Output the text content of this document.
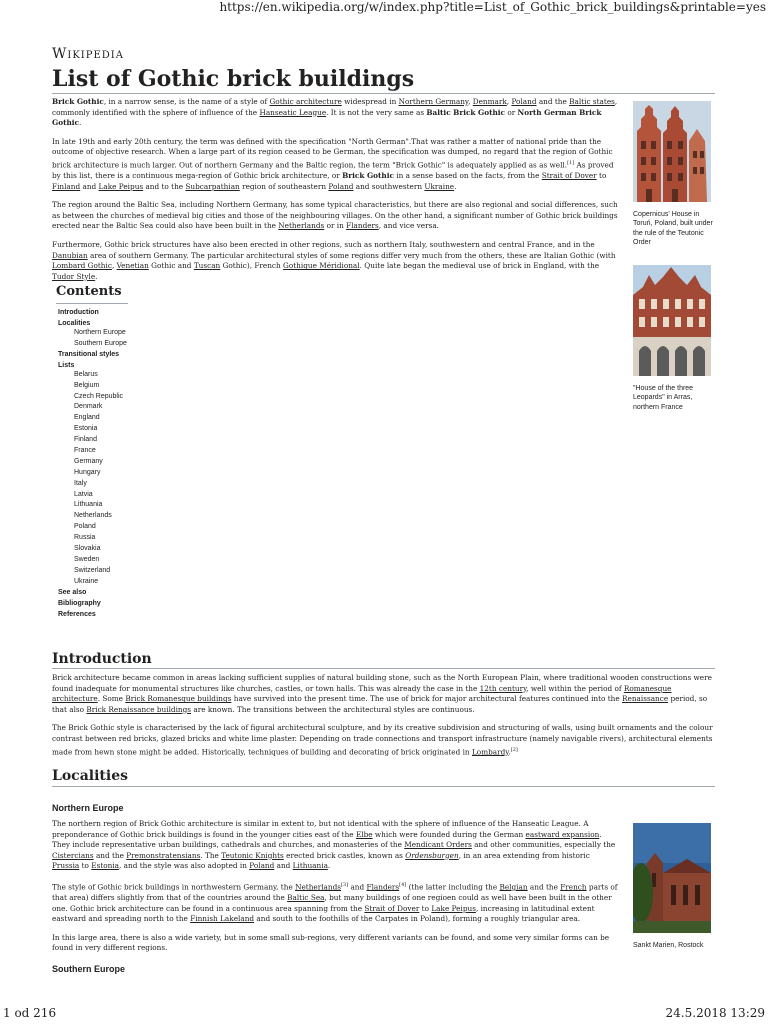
https://en.wikipedia.org/w/index.php?title=List_of_Gothic_brick_buildings&printable=yes
Wikipedia
List of Gothic brick buildings

Brick Gothic, in a narrow sense, is the name of a style of Gothic architecture widespread in Northern Germany, Denmark, Poland and the Baltic states, commonly identified with the sphere of influence of the Hanseatic League. It is not the very same as Baltic Brick Gothic or North German Brick Gothic.

In late 19th and early 20th century, the term was defined with the specification "North German".That was rather a matter of national pride than the outcome of objective research. When a large part of its region ceased to be German, the specification was dumped, no regard that the region of Gothic brick architecture is much larger. Out of northern Germany and the Baltic region, the term "Brick Gothic" is adequately applied as as well.[1] As proved by this list, there is a continuous mega-region of Gothic brick architecture, or Brick Gothic in a sense based on the facts, from the Strait of Dover to Finland and Lake Peipus and to the Subcarpathian region of southeastern Poland and southwestern Ukraine.

The region around the Baltic Sea, including Northern Germany, has some typical characteristics, but there are also regional and social differences, such as between the churches of medieval big cities and those of the neighbouring villages. On the other hand, a significant number of Gothic brick buildings erected near the Baltic Sea could also have been built in the Netherlands or in Flanders, and vice versa.

Furthermore, Gothic brick structures have also been erected in other regions, such as northern Italy, southwestern and central France, and in the Danubian area of southern Germany. The particular architectural styles of some regions differ very much from the others, these are Italian Gothic (with Lombard Gothic, Venetian Gothic and Tuscan Gothic), French Gothique Méridional. Quite late began the medieval use of brick in England, with the Tudor Style.

Copernicus' House in Toruń, Poland, built under the rule of the Teutonic Order
"House of the three Leopards" in Arras, northern France
Contents
Introduction
Localities
Northern Europe
Southern Europe
Transitional styles
Lists
Belarus
Belgium
Czech Republic
Denmark
England
Estonia
Finland
France
Germany
Hungary
Italy
Latvia
Lithuania
Netherlands
Poland
Russia
Slovakia
Sweden
Switzerland
Ukraine
See also
Bibliography
References
Introduction

Brick architecture became common in areas lacking sufficient supplies of natural building stone, such as the North European Plain, where traditional wooden constructions were found inadequate for monumental structures like churches, castles, or town halls. This was already the case in the 12th century, well within the period of Romanesque architecture. Some Brick Romanesque buildings have survived into the present time. The use of brick for major architectural features continued into the Renaissance period, so that also Brick Renaissance buildings are known. The transitions between the architectural styles are continuous.

The Brick Gothic style is characterised by the lack of figural architectural sculpture, and by its creative subdivision and structuring of walls, using built ornaments and the colour contrast between red bricks, glazed bricks and white lime plaster. Depending on trade connections and transport infrastructure (namely navigable rivers), architectural elements made from hewn stone might be added. Historically, techniques of building and decorating of brick originated in Lombardy.[2]

Localities
Northern Europe

The northern region of Brick Gothic architecture is similar in extent to, but not identical with the sphere of influence of the Hanseatic League. A preponderance of Gothic brick buildings is found in the younger cities east of the Elbe which were founded during the German eastward expansion. They include representative urban buildings, cathedrals and churches, and monasteries of the Mendicant Orders and other communities, especially the Cistercians and the Premonstratensians. The Teutonic Knights erected brick castles, known as Ordensburgen, in an area extending from historic Prussia to Estonia, and the style was also adopted in Poland and Lithuania.

The style of Gothic brick buildings in northwestern Germany, the Netherlands[3] and Flanders[4] (the latter including the Belgian and the French parts of that area) differs slightly from that of the countries around the Baltic Sea, but many buildings of one regioen could as well have been built in the other one. Gothic brick architecture can be found in a continuous area spanning from the Strait of Dover to Lake Peipus, increasing in latitudinal extent eastward and spreading north to the Finnish Lakeland and south to the foothills of the Carpates in Poland), forming a roughly triangular area.

In this large area, there is also a wide variety, but in some small sub-regions, very different variants can be found, and some very similar forms can be found in very different regions.	Sankt Marien, Rostock
Southern Europe
1 od 216	24.5.2018 13:29
